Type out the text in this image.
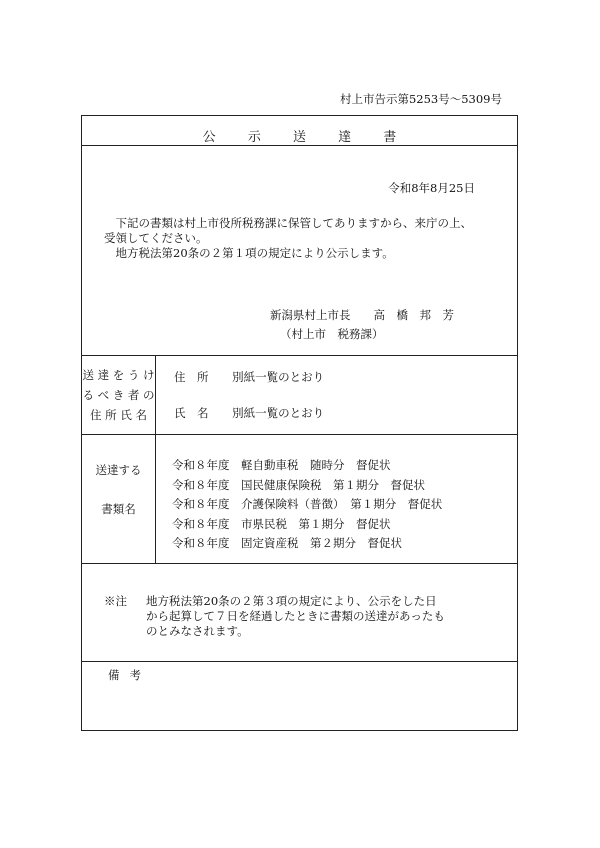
村上市告示第5253号～5309号
公 示 送 達 書
令和8年8月25日

　下記の書類は村上市役所税務課に保管してありますから、来庁の上、

受領してください。

　地方税法第20条の２第１項の規定により公示します。

新潟県村上市長　　高　橋　邦　芳
（村上市　税務課）
送 達 を う け
る べ き 者 の
住 所 氏 名
住　所 別紙一覧のとおり
氏　名 別紙一覧のとおり
送達する
書類名
令和８年度　軽自動車税　随時分　督促状
令和８年度　国民健康保険税　第１期分　督促状
令和８年度　介護保険料（普徴）　第１期分　督促状
令和８年度　市県民税　第１期分　督促状
令和８年度　固定資産税　第２期分　督促状
※注 地方税法第20条の２第３項の規定により、公示をした日
から起算して７日を経過したときに書類の送達があったも
のとみなされます。
備考
